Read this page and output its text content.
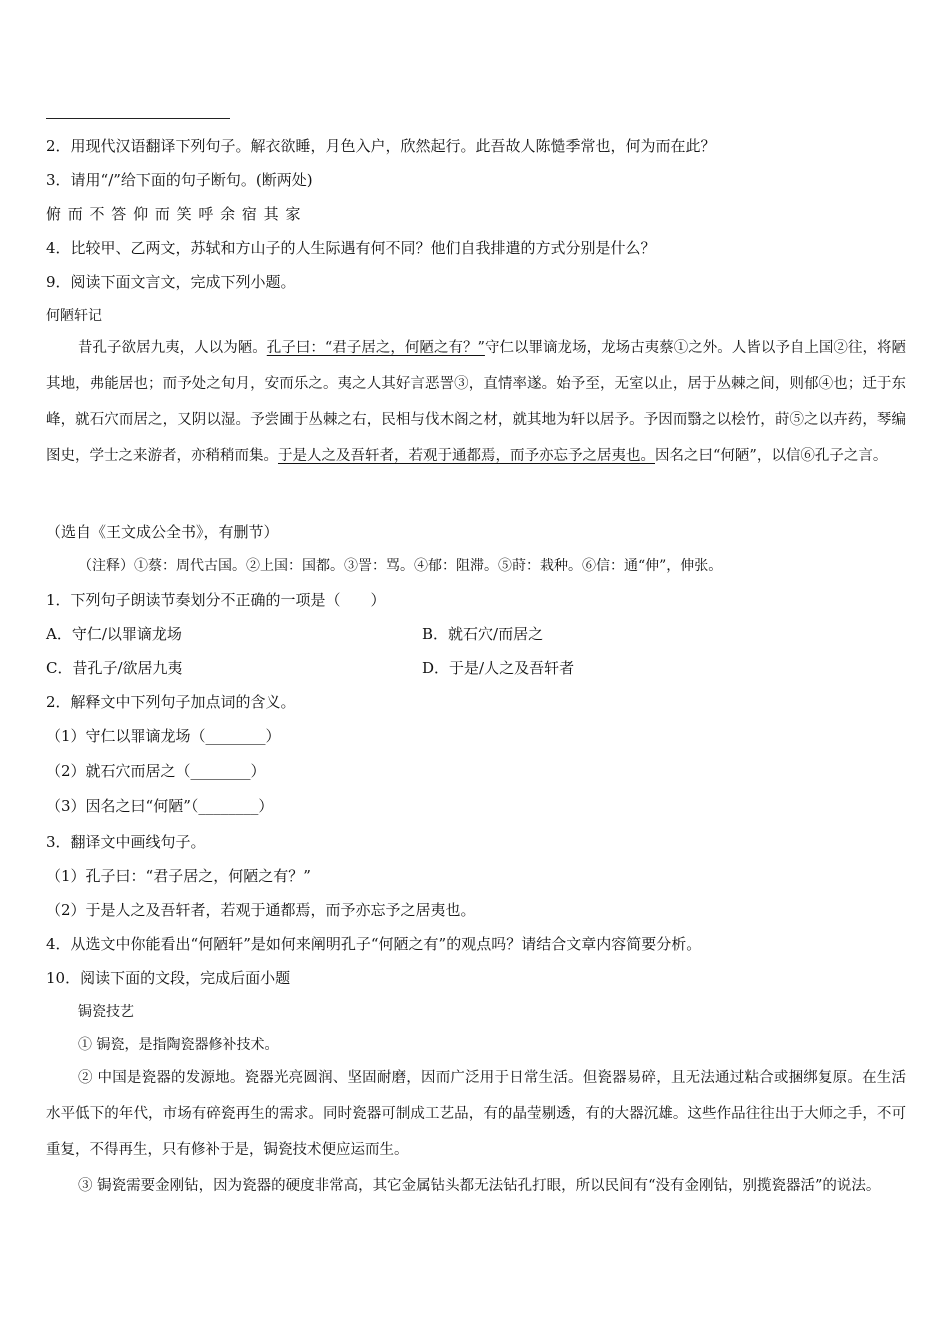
2．用现代汉语翻译下列句子。解衣欲睡，月色入户，欣然起行。此吾故人陈慥季常也，何为而在此？
3．请用“/”给下面的句子断句。(断两处)
俯 而 不 答 仰 而 笑 呼 余 宿 其 家
4．比较甲、乙两文，苏轼和方山子的人生际遇有何不同？他们自我排遣的方式分别是什么？
9．阅读下面文言文，完成下列小题。
何陋轩记
昔孔子欲居九夷，人以为陋。孔子曰：“君子居之，何陋之有？”守仁以罪谪龙场，龙场古夷蔡①之外。人皆以予自上国②往，将陋其地，弗能居也；而予处之旬月，安而乐之。夷之人其好言恶詈③，直情率遂。始予至，无室以止，居于丛棘之间，则郁④也；迁于东峰，就石穴而居之，又阴以湿。予尝圃于丛棘之右，民相与伐木阁之材，就其地为轩以居予。予因而翳之以桧竹，莳⑤之以卉药，琴编图史，学士之来游者，亦稍稍而集。于是人之及吾轩者，若观于通都焉，而予亦忘予之居夷也。因名之曰“何陋”，以信⑥孔子之言。
（选自《王文成公全书》，有删节）
（注释）①蔡：周代古国。②上国：国都。③詈：骂。④郁：阻滞。⑤莳：栽种。⑥信：通“伸”，伸张。
1．下列句子朗读节奏划分不正确的一项是（　　）
A．守仁/以罪谪龙场	B．就石穴/而居之
C．昔孔子/欲居九夷	D．于是/人之及吾轩者
2．解释文中下列句子加点词的含义。
（1）守仁以罪谪龙场（________）
（2）就石穴而居之（________）
（3）因名之曰“何陋”（________）
3．翻译文中画线句子。
（1）孔子曰：“君子居之，何陋之有？”
（2）于是人之及吾轩者，若观于通都焉，而予亦忘予之居夷也。
4．从选文中你能看出“何陋轩”是如何来阐明孔子“何陋之有”的观点吗？请结合文章内容简要分析。
10．阅读下面的文段，完成后面小题
锔瓷技艺
① 锔瓷，是指陶瓷器修补技术。
② 中国是瓷器的发源地。瓷器光亮圆润、坚固耐磨，因而广泛用于日常生活。但瓷器易碎，且无法通过粘合或捆绑复原。在生活水平低下的年代，市场有碎瓷再生的需求。同时瓷器可制成工艺品，有的晶莹剔透，有的大器沉雄。这些作品往往出于大师之手，不可重复，不得再生，只有修补于是，锔瓷技术便应运而生。
③ 锔瓷需要金刚钻，因为瓷器的硬度非常高，其它金属钻头都无法钻孔打眼，所以民间有“没有金刚钻，别揽瓷器活”的说法。
